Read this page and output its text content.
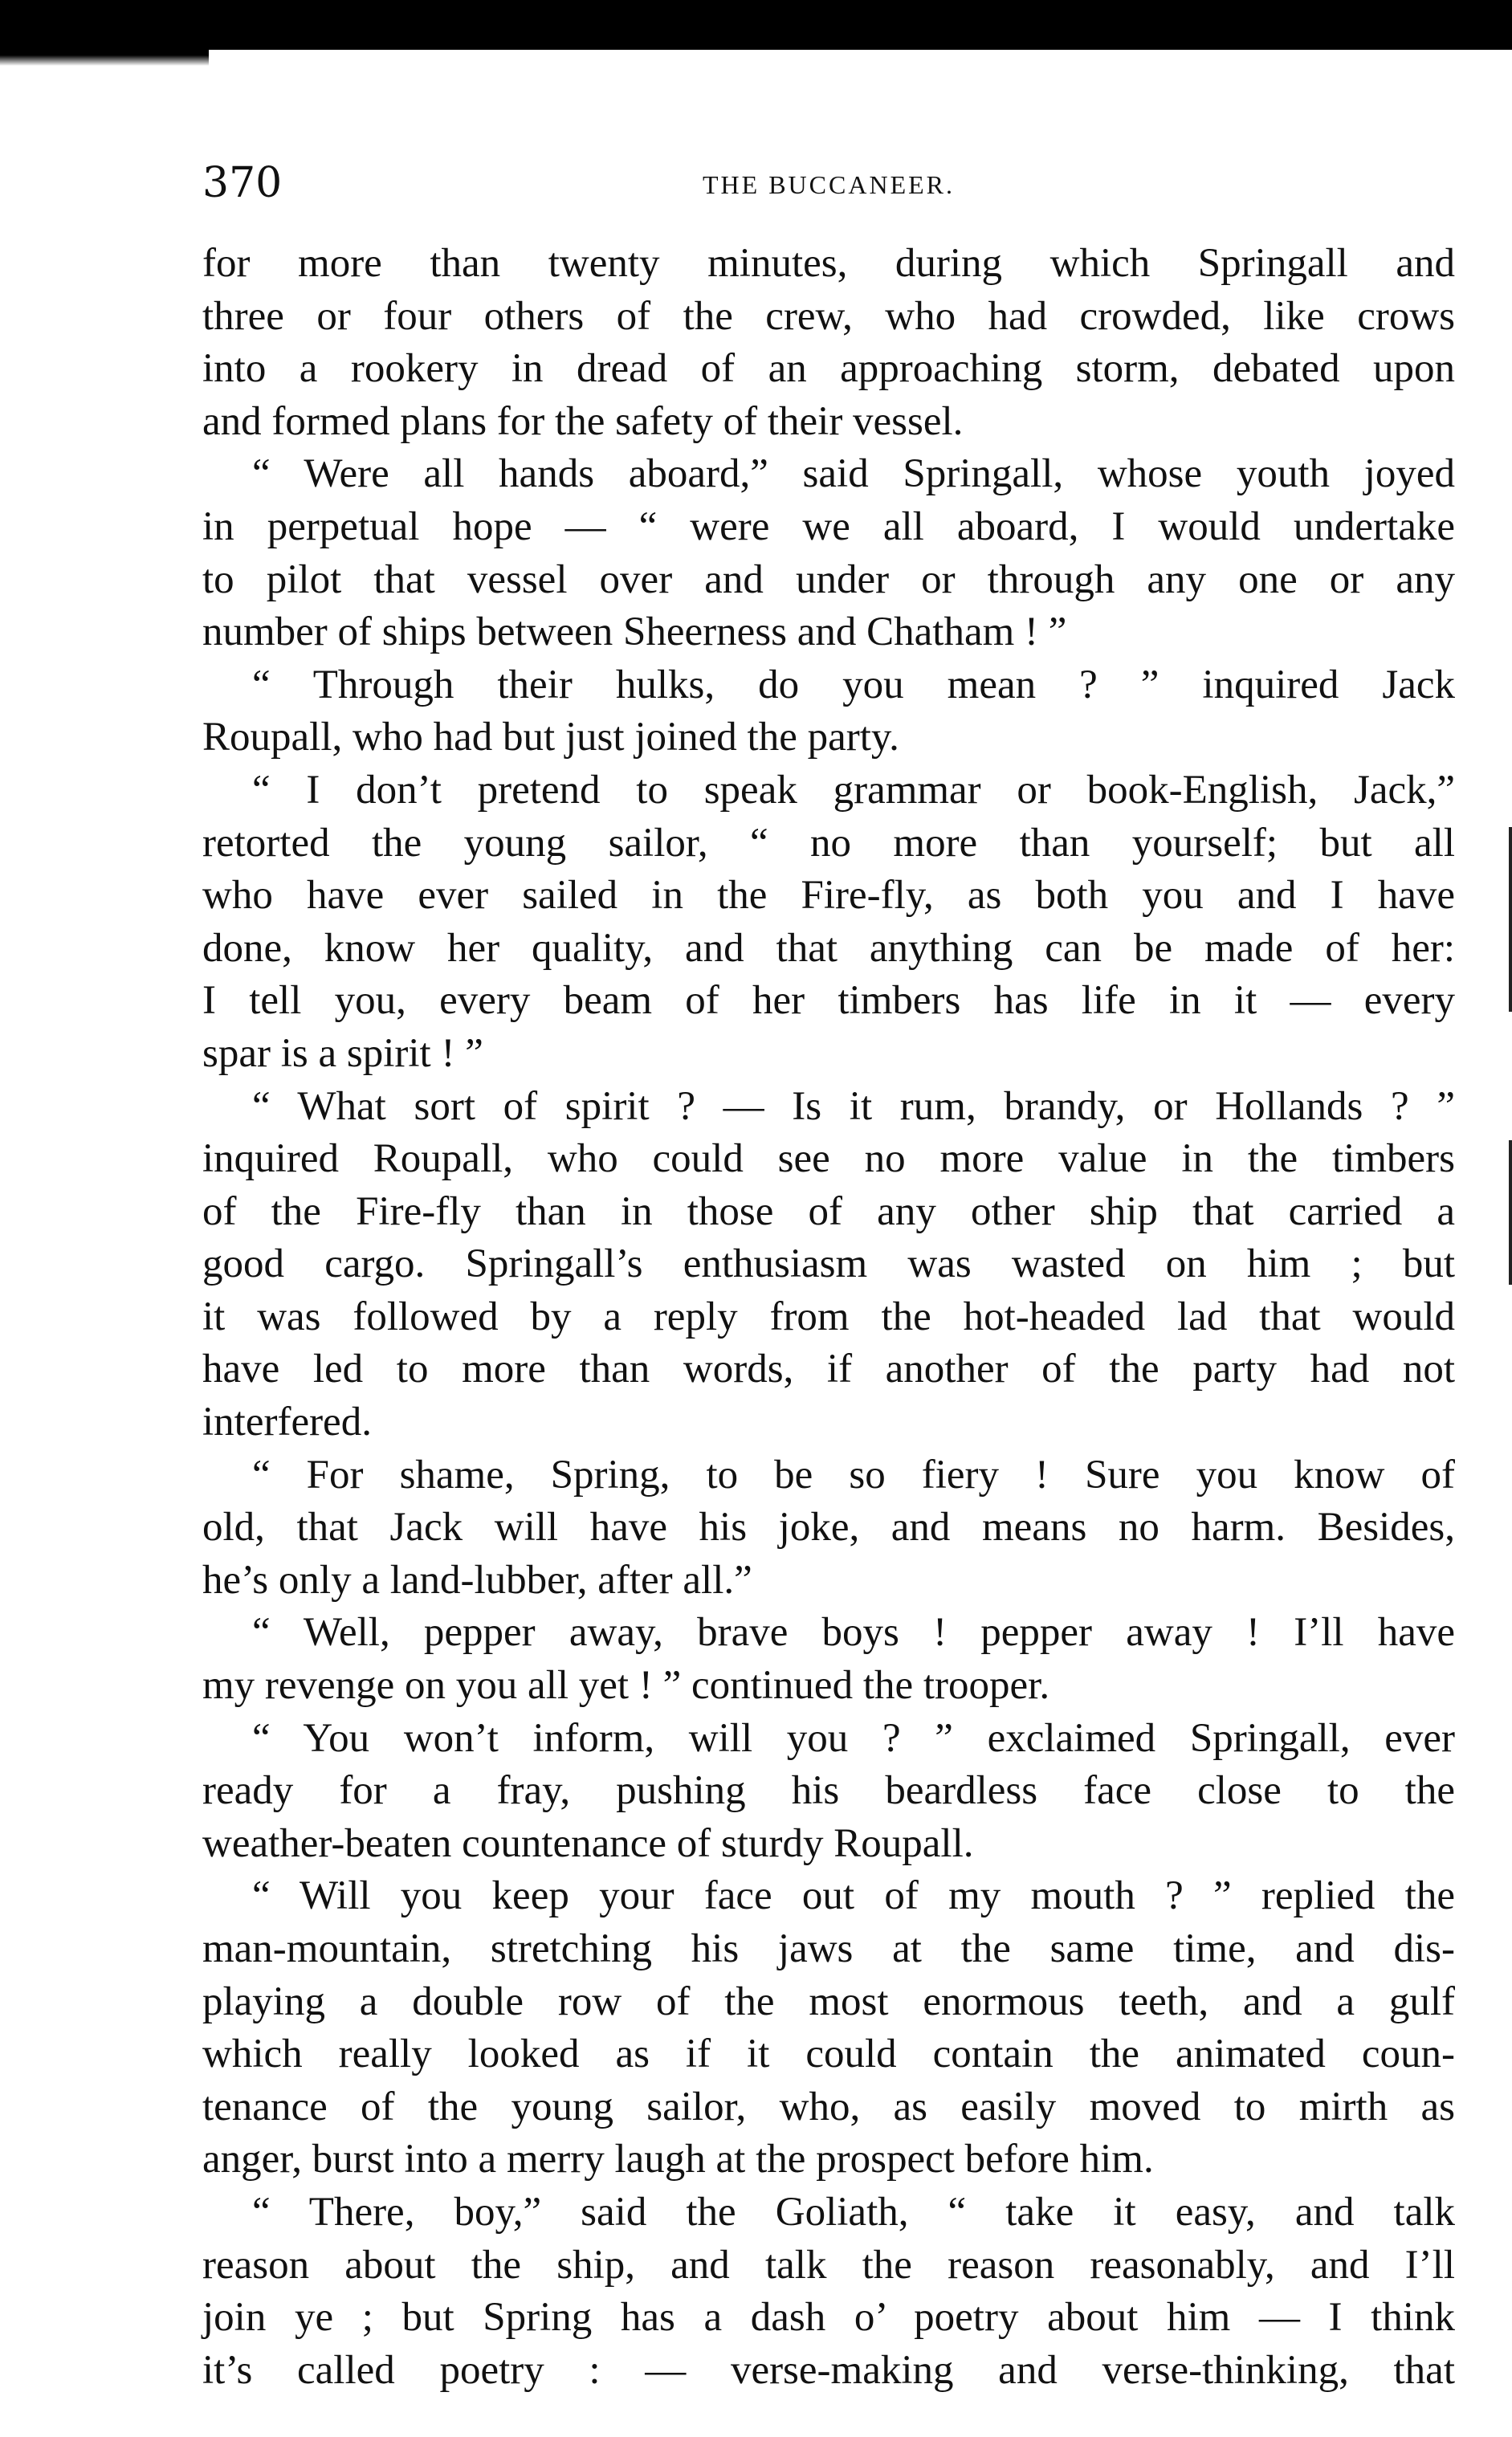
370	THE BUCCANEER.
for more than twenty minutes, during which Springall and
three or four others of the crew, who had crowded, like crows
into a rookery in dread of an approaching storm, debated upon
and formed plans for the safety of their vessel.
“ Were all hands aboard,” said Springall, whose youth joyed
in perpetual hope — “ were we all aboard, I would undertake
to pilot that vessel over and under or through any one or any
number of ships between Sheerness and Chatham ! ”
“ Through their hulks, do you mean ? ” inquired Jack
Roupall, who had but just joined the party.
“ I don’t pretend to speak grammar or book-English, Jack,”
retorted the young sailor, “ no more than yourself; but all
who have ever sailed in the Fire-fly, as both you and I have
done, know her quality, and that anything can be made of her:
I tell you, every beam of her timbers has life in it — every
spar is a spirit ! ”
“ What sort of spirit ? — Is it rum, brandy, or Hollands ? ”
inquired Roupall, who could see no more value in the timbers
of the Fire-fly than in those of any other ship that carried a
good cargo. Springall’s enthusiasm was wasted on him ; but
it was followed by a reply from the hot-headed lad that would
have led to more than words, if another of the party had not
interfered.
“ For shame, Spring, to be so fiery ! Sure you know of
old, that Jack will have his joke, and means no harm. Besides,
he’s only a land-lubber, after all.”
“ Well, pepper away, brave boys ! pepper away ! I’ll have
my revenge on you all yet ! ” continued the trooper.
“ You won’t inform, will you ? ” exclaimed Springall, ever
ready for a fray, pushing his beardless face close to the
weather-beaten countenance of sturdy Roupall.
“ Will you keep your face out of my mouth ? ” replied the
man-mountain, stretching his jaws at the same time, and dis-
playing a double row of the most enormous teeth, and a gulf
which really looked as if it could contain the animated coun-
tenance of the young sailor, who, as easily moved to mirth as
anger, burst into a merry laugh at the prospect before him.
“ There, boy,” said the Goliath, “ take it easy, and talk
reason about the ship, and talk the reason reasonably, and I’ll
join ye ; but Spring has a dash o’ poetry about him — I think
it’s called poetry : — verse-making and verse-thinking, that
